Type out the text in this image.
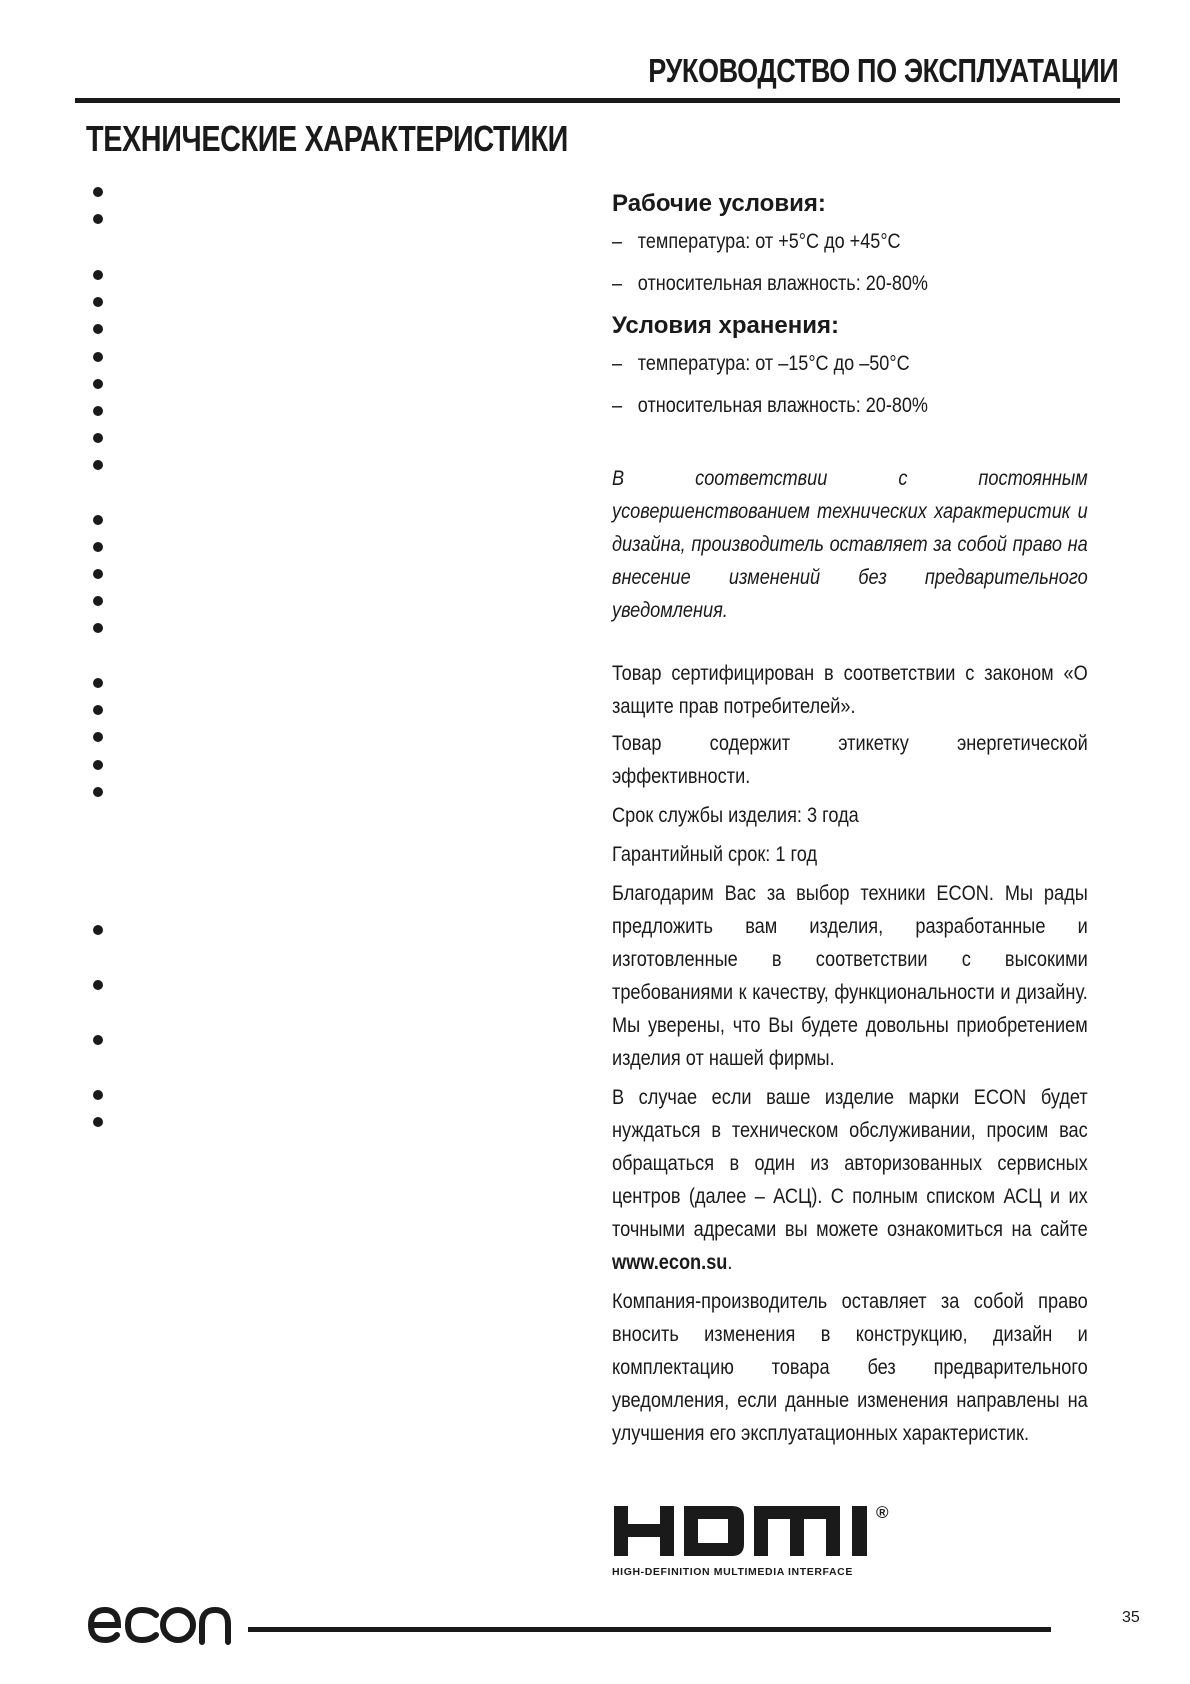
РУКОВОДСТВО ПО ЭКСПЛУАТАЦИИ
ТЕХНИЧЕСКИЕ ХАРАКТЕРИСТИКИ
Рабочие условия:
– температура: от +5°C до +45°C
– относительная влажность: 20-80%
Условия хранения:
– температура: от –15°C до –50°C
– относительная влажность: 20-80%
В соответствии с постоянным усовершенствованием технических характеристик и дизайна, производитель оставляет за собой право на внесение изменений без предварительного уведомления.

Товар сертифицирован в соответствии с законом «О защите прав потребителей».

Товар содержит этикетку энергетической эффективности.

Срок службы изделия: 3 года

Гарантийный срок: 1 год

Благодарим Вас за выбор техники ECON. Мы рады предложить вам изделия, разработанные и изготовленные в соответствии с высокими требованиями к качеству, функциональности и дизайну. Мы уверены, что Вы будете довольны приобретением изделия от нашей фирмы.

В случае если ваше изделие марки ECON будет нуждаться в техническом обслуживании, просим вас обращаться в один из авторизованных сервисных центров (далее – АСЦ). С полным списком АСЦ и их точными адресами вы можете ознакомиться на сайте www.econ.su.

Компания-производитель оставляет за собой право вносить изменения в конструкцию, дизайн и комплектацию товара без предварительного уведомления, если данные изменения направлены на улучшения его эксплуатационных характеристик.

®
HIGH-DEFINITION MULTIMEDIA INTERFACE
35
